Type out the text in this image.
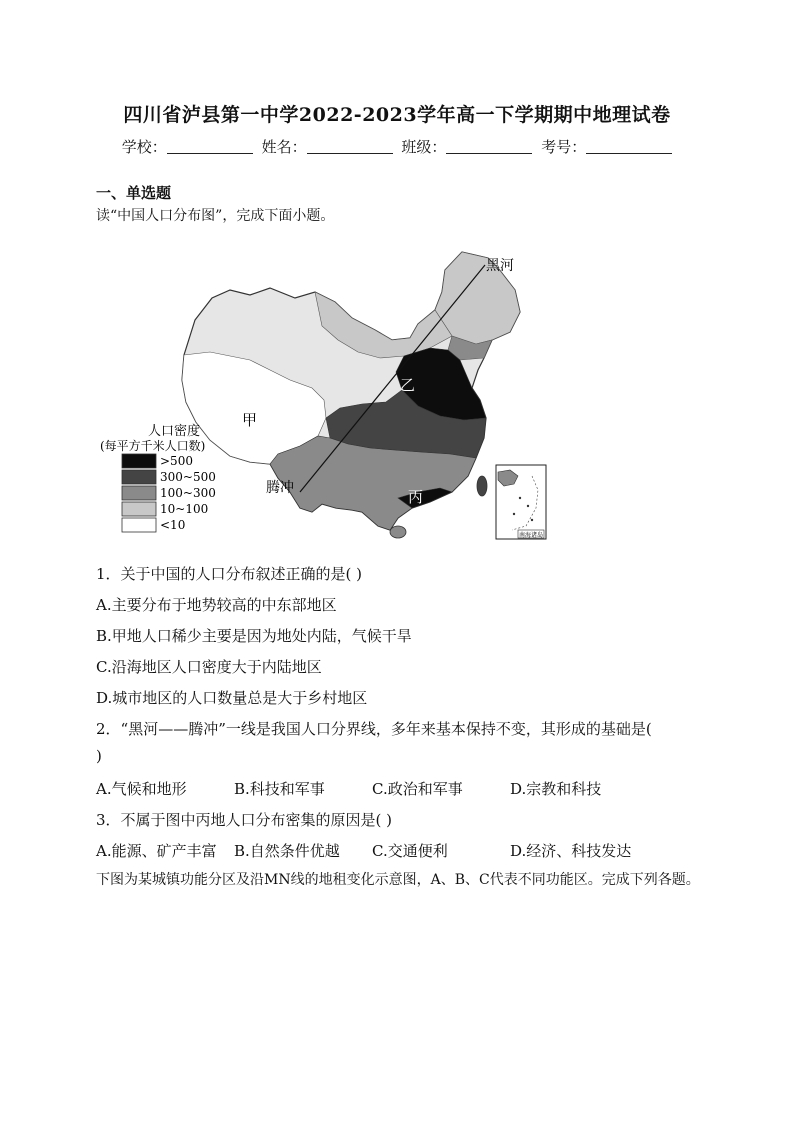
四川省泸县第一中学2022-2023学年高一下学期期中地理试卷
学校：	姓名：	班级：	考号：
一、单选题
读“中国人口分布图”，完成下面小题。
黑河
腾冲
甲
乙
丙
人口密度
(每平方千米人口数)
>500
300~500
100~300
10~100
<10
南海诸岛
1．关于中国的人口分布叙述正确的是( )
A.主要分布于地势较高的中东部地区
B.甲地人口稀少主要是因为地处内陆，气候干旱
C.沿海地区人口密度大于内陆地区
D.城市地区的人口数量总是大于乡村地区
2．“黑河——腾冲”一线是我国人口分界线，多年来基本保持不变，其形成的基础是(
)
A.气候和地形	B.科技和军事	C.政治和军事	D.宗教和科技
3．不属于图中丙地人口分布密集的原因是( )
A.能源、矿产丰富 B.自然条件优越 C.交通便利	D.经济、科技发达
下图为某城镇功能分区及沿MN线的地租变化示意图，A、B、C代表不同功能区。完成下列各题。
